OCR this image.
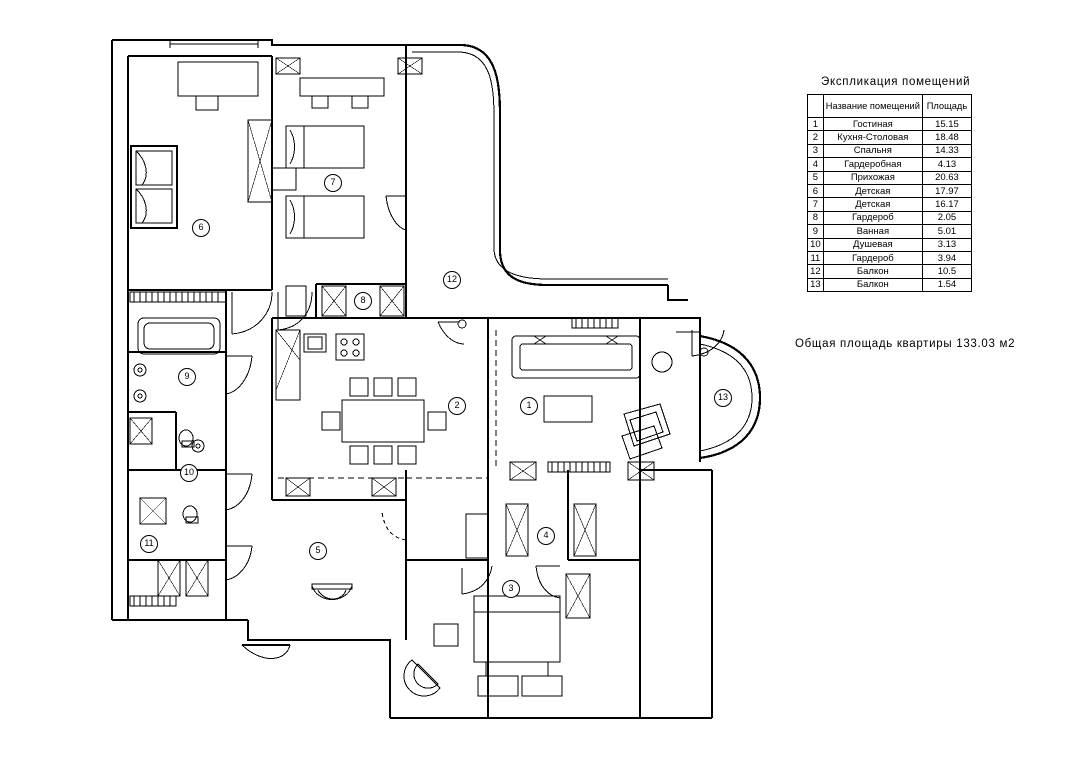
6
7
8
12
9
2	1
13
10
11
5
4
3
Экспликация помещений
	Название помещений	Площадь
1	Гостиная	15.15
2	Кухня-Столовая	18.48
3	Спальня	14.33
4	Гардеробная	4.13
5	Прихожая	20.63
6	Детская	17.97
7	Детская	16.17
8	Гардероб	2.05
9	Ванная	5.01
10	Душевая	3.13
11	Гардероб	3.94
12	Балкон	10.5
13	Балкон	1.54
Общая площадь квартиры 133.03 м2
